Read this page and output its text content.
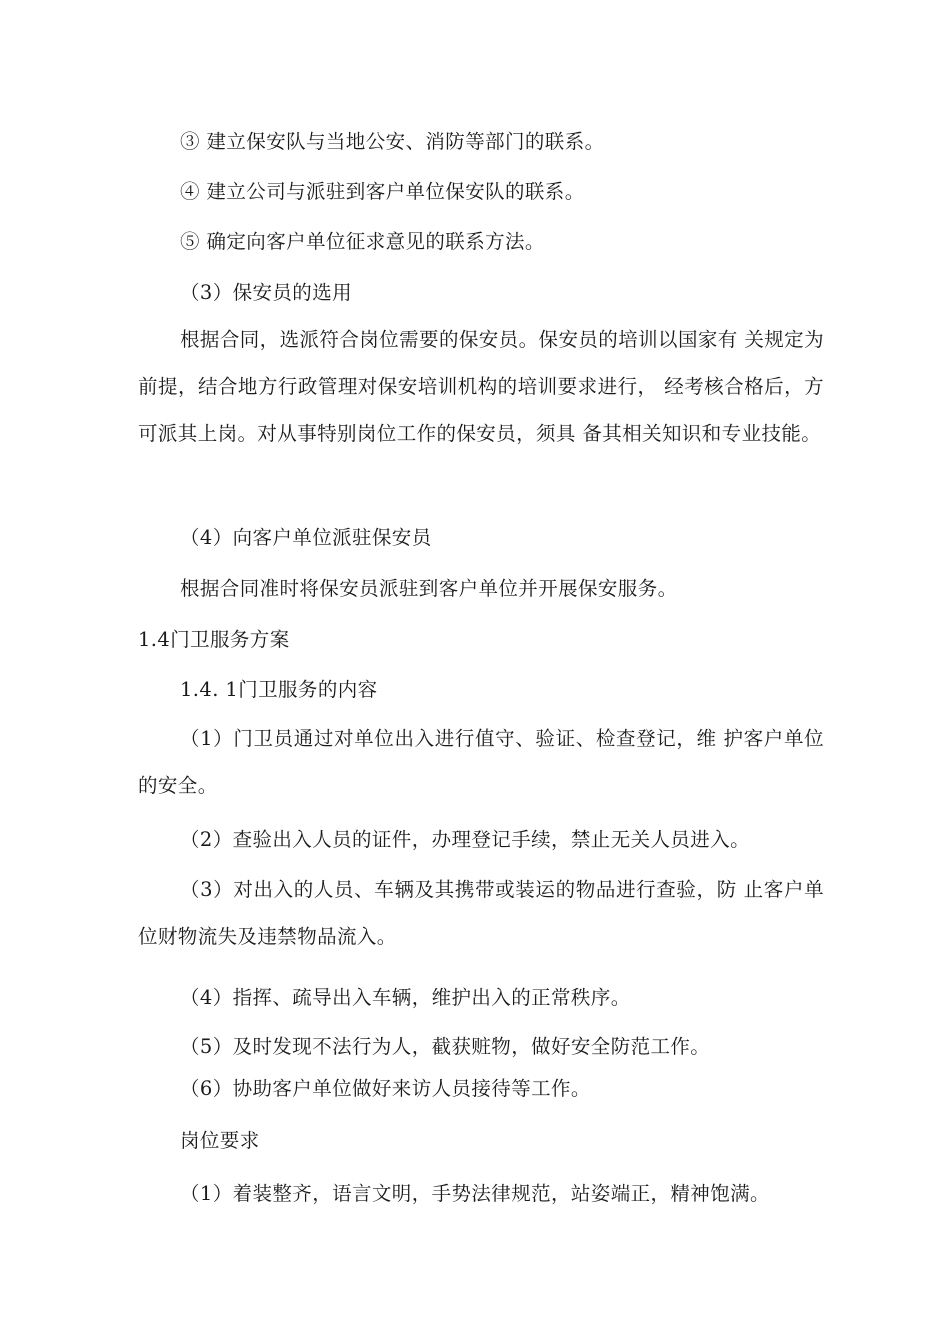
③ 建立保安队与当地公安、消防等部门的联系。
④ 建立公司与派驻到客户单位保安队的联系。
⑤ 确定向客户单位征求意见的联系方法。
（3）保安员的选用
根据合同，选派符合岗位需要的保安员。保安员的培训以国家有 关规定为前提，结合地方行政管理对保安培训机构的培训要求进行， 经考核合格后，方可派其上岗。对从事特别岗位工作的保安员，须具 备其相关知识和专业技能。
（4）向客户单位派驻保安员
根据合同准时将保安员派驻到客户单位并开展保安服务。
1.4门卫服务方案
1.4. 1门卫服务的内容
（1）门卫员通过对单位出入进行值守、验证、检查登记，维 护客户单位的安全。
（2）查验出入人员的证件，办理登记手续，禁止无关人员进入。
（3）对出入的人员、车辆及其携带或装运的物品进行查验，防 止客户单位财物流失及违禁物品流入。
（4）指挥、疏导出入车辆，维护出入的正常秩序。
（5）及时发现不法行为人，截获赃物，做好安全防范工作。
（6）协助客户单位做好来访人员接待等工作。
岗位要求
（1）着装整齐，语言文明，手势法律规范，站姿端正，精神饱满。
